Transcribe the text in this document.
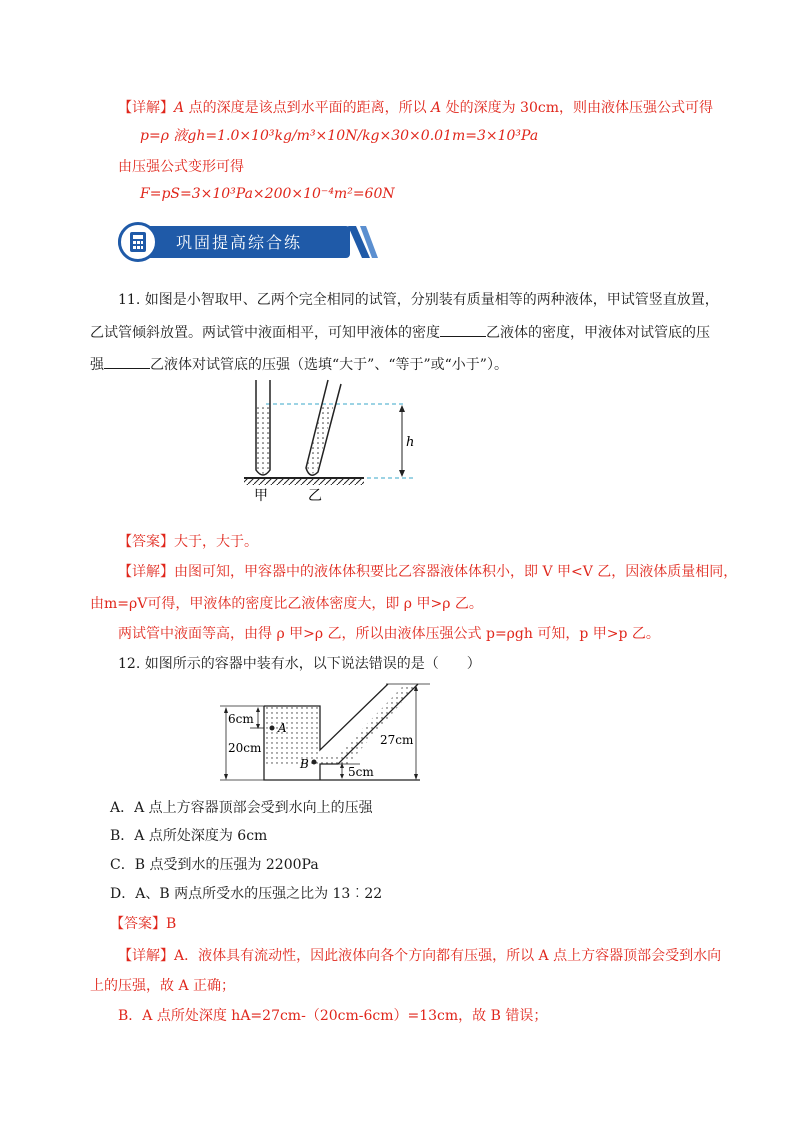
【详解】A 点的深度是该点到水平面的距离，所以 A 处的深度为 30cm，则由液体压强公式可得
p=ρ 液gh=1.0×10³kg/m³×10N/kg×30×0.01m=3×10³Pa
由压强公式变形可得
F=pS=3×10³Pa×200×10⁻⁴m²=60N
巩固提高综合练
11. 如图是小智取甲、乙两个完全相同的试管，分别装有质量相等的两种液体，甲试管竖直放置，
乙试管倾斜放置。两试管中液面相平，可知甲液体的密度	乙液体的密度，甲液体对试管底的压
强	乙液体对试管底的压强（选填“大于”、“等于”或“小于”）。
h
甲	乙
【答案】大于，大于。
【详解】由图可知，甲容器中的液体体积要比乙容器液体体积小，即 V 甲<V 乙，因液体质量相同，
由m=ρV可得，甲液体的密度比乙液体密度大，即 ρ 甲>ρ 乙。
两试管中液面等高，由得 ρ 甲>ρ 乙，所以由液体压强公式 p=ρgh 可知，p 甲>p 乙。
12. 如图所示的容器中装有水，以下说法错误的是（　　）
6cm
20cm
A
B
5cm
27cm
A．A 点上方容器顶部会受到水向上的压强
B．A 点所处深度为 6cm
C．B 点受到水的压强为 2200Pa
D．A、B 两点所受水的压强之比为 13︰22
【答案】B
【详解】A．液体具有流动性，因此液体向各个方向都有压强，所以 A 点上方容器顶部会受到水向
上的压强，故 A 正确；
B．A 点所处深度 hA=27cm-（20cm-6cm）=13cm，故 B 错误；
